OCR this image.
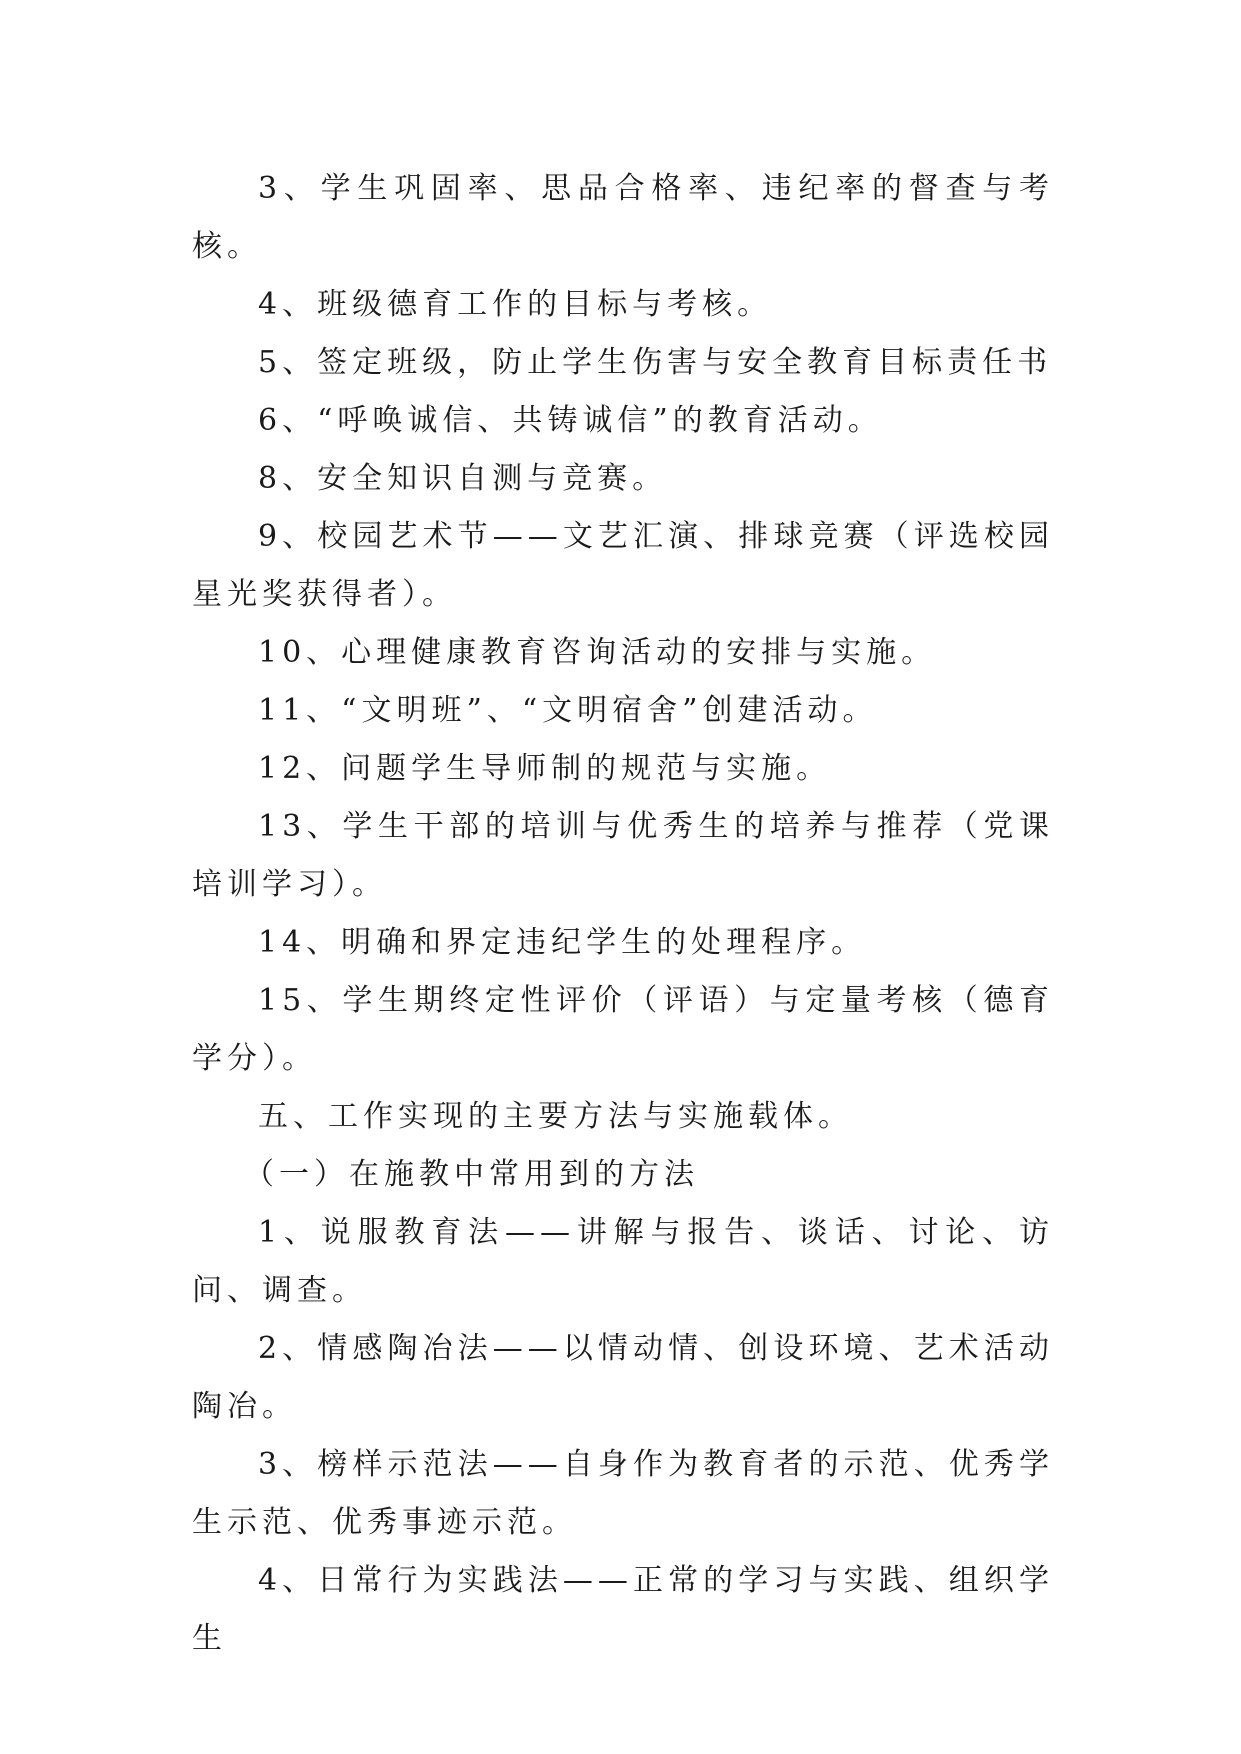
3、学生巩固率、思品合格率、违纪率的督查与考核。

4、班级德育工作的目标与考核。

5、签定班级，防止学生伤害与安全教育目标责任书

6、“呼唤诚信、共铸诚信”的教育活动。

8、安全知识自测与竞赛。

9、校园艺术节——文艺汇演、排球竞赛（评选校园星光奖获得者）。

10、心理健康教育咨询活动的安排与实施。

11、“文明班”、“文明宿舍”创建活动。

12、问题学生导师制的规范与实施。

13、学生干部的培训与优秀生的培养与推荐（党课培训学习）。

14、明确和界定违纪学生的处理程序。

15、学生期终定性评价（评语）与定量考核（德育学分）。

五、工作实现的主要方法与实施载体。

（一）在施教中常用到的方法

1、说服教育法——讲解与报告、谈话、讨论、访问、调查。

2、情感陶冶法——以情动情、创设环境、艺术活动陶冶。

3、榜样示范法——自身作为教育者的示范、优秀学生示范、优秀事迹示范。

4、日常行为实践法——正常的学习与实践、组织学生
